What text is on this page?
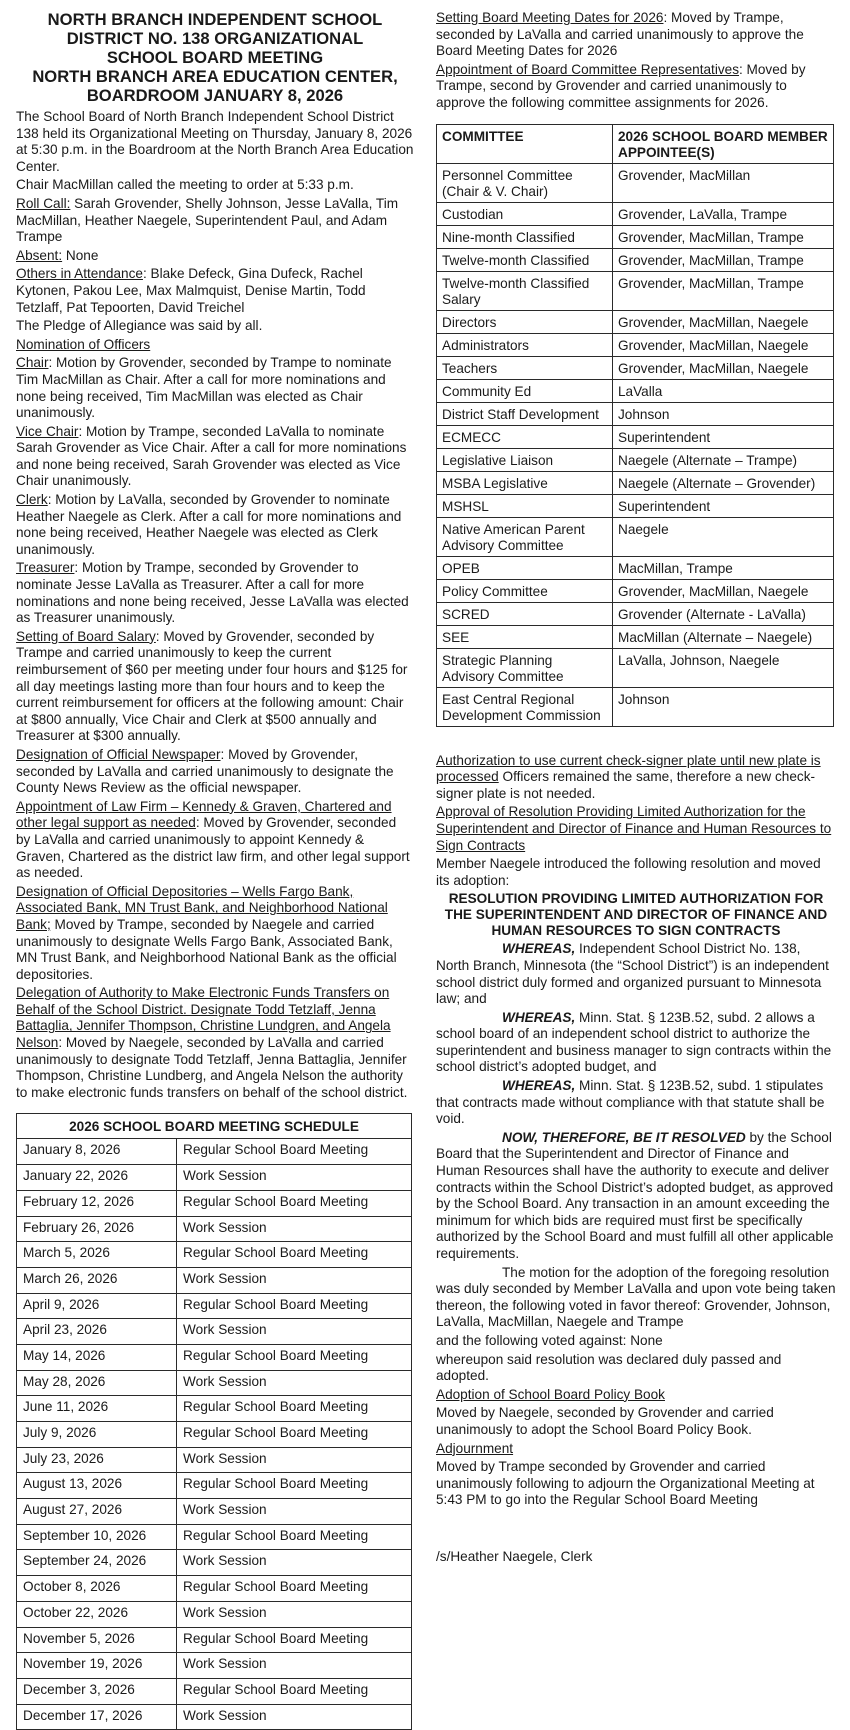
NORTH BRANCH INDEPENDENT SCHOOL
DISTRICT NO. 138 ORGANIZATIONAL
SCHOOL BOARD MEETING
NORTH BRANCH AREA EDUCATION CENTER,
BOARDROOM JANUARY 8, 2026

The School Board of North Branch Independent School District 138 held its Organizational Meeting on Thursday, January 8, 2026 at 5:30 p.m. in the Boardroom at the North Branch Area Education Center.

Chair MacMillan called the meeting to order at 5:33 p.m.

Roll Call: Sarah Grovender, Shelly Johnson, Jesse LaValla, Tim MacMillan, Heather Naegele, Superintendent Paul, and Adam Trampe

Absent: None

Others in Attendance: Blake Defeck, Gina Dufeck, Rachel Kytonen, Pakou Lee, Max Malmquist, Denise Martin, Todd Tetzlaff, Pat Tepoorten, David Treichel

The Pledge of Allegiance was said by all.

Nomination of Officers

Chair: Motion by Grovender, seconded by Trampe to nominate Tim MacMillan as Chair. After a call for more nominations and none being received, Tim MacMillan was elected as Chair unanimously.

Vice Chair: Motion by Trampe, seconded LaValla to nominate Sarah Grovender as Vice Chair. After a call for more nominations and none being received, Sarah Grovender was elected as Vice Chair unanimously.

Clerk: Motion by LaValla, seconded by Grovender to nominate Heather Naegele as Clerk. After a call for more nominations and none being received, Heather Naegele was elected as Clerk unanimously.

Treasurer: Motion by Trampe, seconded by Grovender to nominate Jesse LaValla as Treasurer. After a call for more nominations and none being received, Jesse LaValla was elected as Treasurer unanimously.

Setting of Board Salary: Moved by Grovender, seconded by Trampe and carried unanimously to keep the current reimbursement of $60 per meeting under four hours and $125 for all day meetings lasting more than four hours and to keep the current reimbursement for officers at the following amount: Chair at $800 annually, Vice Chair and Clerk at $500 annually and Treasurer at $300 annually.

Designation of Official Newspaper: Moved by Grovender, seconded by LaValla and carried unanimously to designate the County News Review as the official newspaper.

Appointment of Law Firm – Kennedy & Graven, Chartered and other legal support as needed: Moved by Grovender, seconded by LaValla and carried unanimously to appoint Kennedy & Graven, Chartered as the district law firm, and other legal support as needed.

Designation of Official Depositories – Wells Fargo Bank, Associated Bank, MN Trust Bank, and Neighborhood National Bank; Moved by Trampe, seconded by Naegele and carried unanimously to designate Wells Fargo Bank, Associated Bank, MN Trust Bank, and Neighborhood National Bank as the official depositories.

Delegation of Authority to Make Electronic Funds Transfers on Behalf of the School District. Designate Todd Tetzlaff, Jenna Battaglia, Jennifer Thompson, Christine Lundgren, and Angela Nelson: Moved by Naegele, seconded by LaValla and carried unanimously to designate Todd Tetzlaff, Jenna Battaglia, Jennifer Thompson, Christine Lundberg, and Angela Nelson the authority to make electronic funds transfers on behalf of the school district.

2026 SCHOOL BOARD MEETING SCHEDULE	
January 8, 2026	Regular School Board Meeting
January 22, 2026	Work Session
February 12, 2026	Regular School Board Meeting
February 26, 2026	Work Session
March 5, 2026	Regular School Board Meeting
March 26, 2026	Work Session
April 9, 2026	Regular School Board Meeting
April 23, 2026	Work Session
May 14, 2026	Regular School Board Meeting
May 28, 2026	Work Session
June 11, 2026	Regular School Board Meeting
July 9, 2026	Regular School Board Meeting
July 23, 2026	Work Session
August 13, 2026	Regular School Board Meeting
August 27, 2026	Work Session
September 10, 2026	Regular School Board Meeting
September 24, 2026	Work Session
October 8, 2026	Regular School Board Meeting
October 22, 2026	Work Session
November 5, 2026	Regular School Board Meeting
November 19, 2026	Work Session
December 3, 2026	Regular School Board Meeting
December 17, 2026	Work Session

Setting Board Meeting Dates for 2026: Moved by Trampe, seconded by LaValla and carried unanimously to approve the Board Meeting Dates for 2026

Appointment of Board Committee Representatives: Moved by Trampe, second by Grovender and carried unanimously to approve the following committee assignments for 2026.

COMMITTEE	2026 SCHOOL BOARD MEMBER APPOINTEE(S)
Personnel Committee (Chair & V. Chair)	Grovender, MacMillan
Custodian	Grovender, LaValla, Trampe
Nine-month Classified	Grovender, MacMillan, Trampe
Twelve-month Classified	Grovender, MacMillan, Trampe
Twelve-month Classified Salary	Grovender, MacMillan, Trampe
Directors	Grovender, MacMillan, Naegele
Administrators	Grovender, MacMillan, Naegele
Teachers	Grovender, MacMillan, Naegele
Community Ed	LaValla
District Staff Development	Johnson
ECMECC	Superintendent
Legislative Liaison	Naegele (Alternate – Trampe)
MSBA Legislative	Naegele (Alternate – Grovender)
MSHSL	Superintendent
Native American Parent Advisory Committee	Naegele
OPEB	MacMillan, Trampe
Policy Committee	Grovender, MacMillan, Naegele
SCRED	Grovender (Alternate - LaValla)
SEE	MacMillan (Alternate – Naegele)
Strategic Planning Advisory Committee	LaValla, Johnson, Naegele
East Central Regional Development Commission	Johnson

Authorization to use current check-signer plate until new plate is processed Officers remained the same, therefore a new check-signer plate is not needed.

Approval of Resolution Providing Limited Authorization for the Superintendent and Director of Finance and Human Resources to Sign Contracts

Member Naegele introduced the following resolution and moved its adoption:

RESOLUTION PROVIDING LIMITED AUTHORIZATION FOR THE SUPERINTENDENT AND DIRECTOR OF FINANCE AND HUMAN RESOURCES TO SIGN CONTRACTS

WHEREAS, Independent School District No. 138, North Branch, Minnesota (the “School District”) is an independent school district duly formed and organized pursuant to Minnesota law; and

WHEREAS, Minn. Stat. § 123B.52, subd. 2 allows a school board of an independent school district to authorize the superintendent and business manager to sign contracts within the school district’s adopted budget, and

WHEREAS, Minn. Stat. § 123B.52, subd. 1 stipulates that contracts made without compliance with that statute shall be void.

NOW, THEREFORE, BE IT RESOLVED by the School Board that the Superintendent and Director of Finance and Human Resources shall have the authority to execute and deliver contracts within the School District’s adopted budget, as approved by the School Board. Any transaction in an amount exceeding the minimum for which bids are required must first be specifically authorized by the School Board and must fulfill all other applicable requirements.

The motion for the adoption of the foregoing resolution was duly seconded by Member LaValla and upon vote being taken thereon, the following voted in favor thereof: Grovender, Johnson, LaValla, MacMillan, Naegele and Trampe

and the following voted against: None

whereupon said resolution was declared duly passed and adopted.

Adoption of School Board Policy Book

Moved by Naegele, seconded by Grovender and carried unanimously to adopt the School Board Policy Book.

Adjournment

Moved by Trampe seconded by Grovender and carried unanimously following to adjourn the Organizational Meeting at 5:43 PM to go into the Regular School Board Meeting

/s/Heather Naegele, Clerk
